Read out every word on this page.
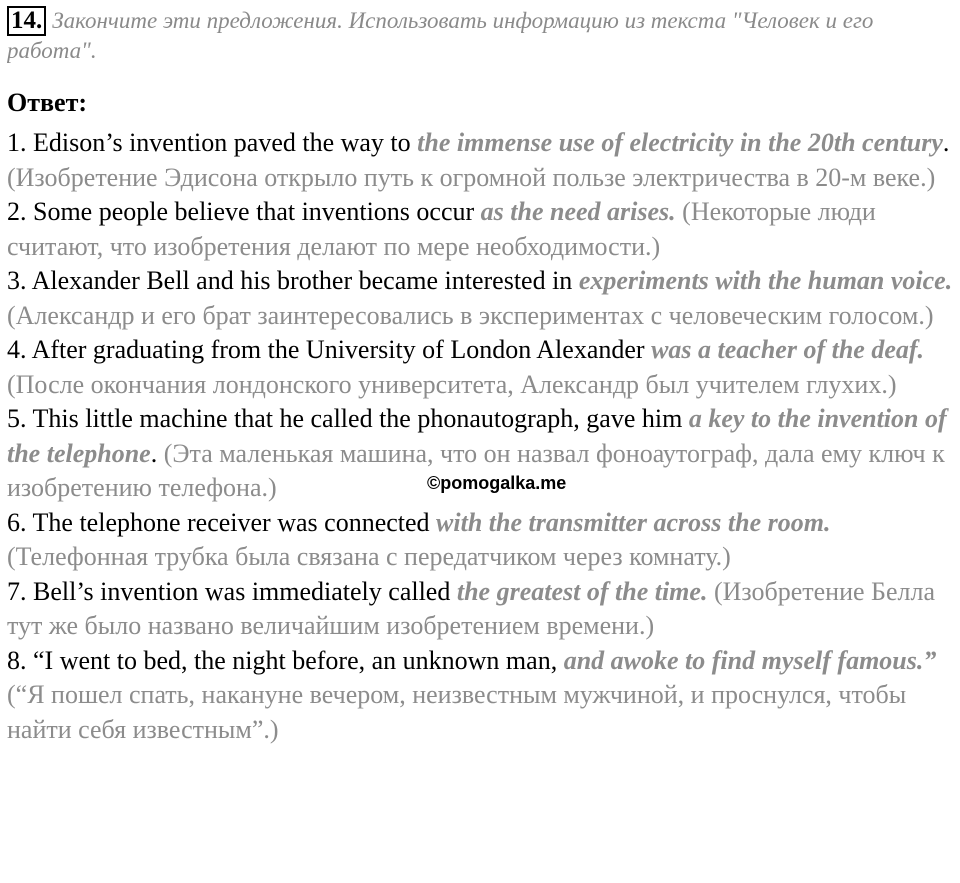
14. Закончите эти предложения. Использовать информацию из текста "Человек и его работа".
Ответ:

1. Edison’s invention paved the way to the immense use of electricity in the 20th century. (Изобретение Эдисона открыло путь к огромной пользе электричества в 20-м веке.)

2. Some people believe that inventions occur as the need arises. (Некоторые люди считают, что изобретения делают по мере необходимости.)

3. Alexander Bell and his brother became interested in experiments with the human voice. (Александр и его брат заинтересовались в экспериментах с человеческим голосом.)

4. After graduating from the University of London Alexander was a teacher of the deaf. (После окончания лондонского университета, Александр был учителем глухих.)

5. This little machine that he called the phonautograph, gave him a key to the invention of the telephone. (Эта маленькая машина, что он назвал фоноаутограф, дала ему ключ к изобретению телефона.)

6. The telephone receiver was connected with the transmitter across the room. (Телефонная трубка была связана с передатчиком через комнату.)

7. Bell’s invention was immediately called the greatest of the time. (Изобретение Белла тут же было названо величайшим изобретением времени.)

8. “I went to bed, the night before, an unknown man, and awoke to find myself famous.” (“Я пошел спать, накануне вечером, неизвестным мужчиной, и проснулся, чтобы найти себя известным”.)

©pomogalka.me
